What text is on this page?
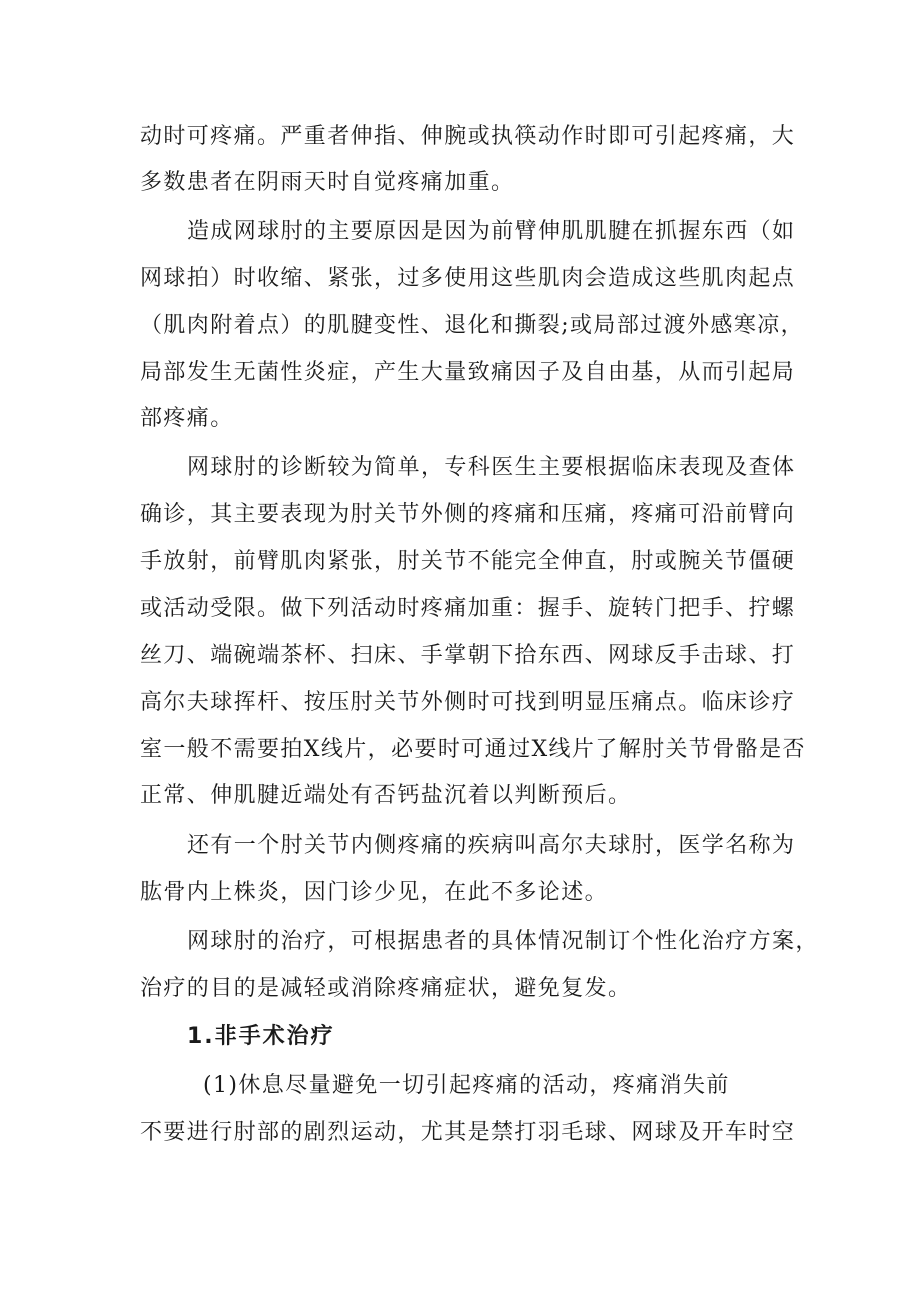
动时可疼痛。严重者伸指、伸腕或执筷动作时即可引起疼痛，大
多数患者在阴雨天时自觉疼痛加重。
造成网球肘的主要原因是因为前臂伸肌肌腱在抓握东西（如
网球拍）时收缩、紧张，过多使用这些肌肉会造成这些肌肉起点
（肌肉附着点）的肌腱变性、退化和撕裂;或局部过渡外感寒凉，
局部发生无菌性炎症，产生大量致痛因子及自由基，从而引起局
部疼痛。
网球肘的诊断较为简单，专科医生主要根据临床表现及查体
确诊，其主要表现为肘关节外侧的疼痛和压痛，疼痛可沿前臂向
手放射，前臂肌肉紧张，肘关节不能完全伸直，肘或腕关节僵硬
或活动受限。做下列活动时疼痛加重：握手、旋转门把手、拧螺
丝刀、端碗端茶杯、扫床、手掌朝下拾东西、网球反手击球、打
高尔夫球挥杆、按压肘关节外侧时可找到明显压痛点。临床诊疗
室一般不需要拍X线片，必要时可通过X线片了解肘关节骨骼是否
正常、伸肌腱近端处有否钙盐沉着以判断预后。
还有一个肘关节内侧疼痛的疾病叫高尔夫球肘，医学名称为
肱骨内上株炎，因门诊少见，在此不多论述。
网球肘的治疗，可根据患者的具体情况制订个性化治疗方案，
治疗的目的是减轻或消除疼痛症状，避免复发。
1.非手术治疗
(1)休息尽量避免一切引起疼痛的活动，疼痛消失前
不要进行肘部的剧烈运动，尤其是禁打羽毛球、网球及开车时空
